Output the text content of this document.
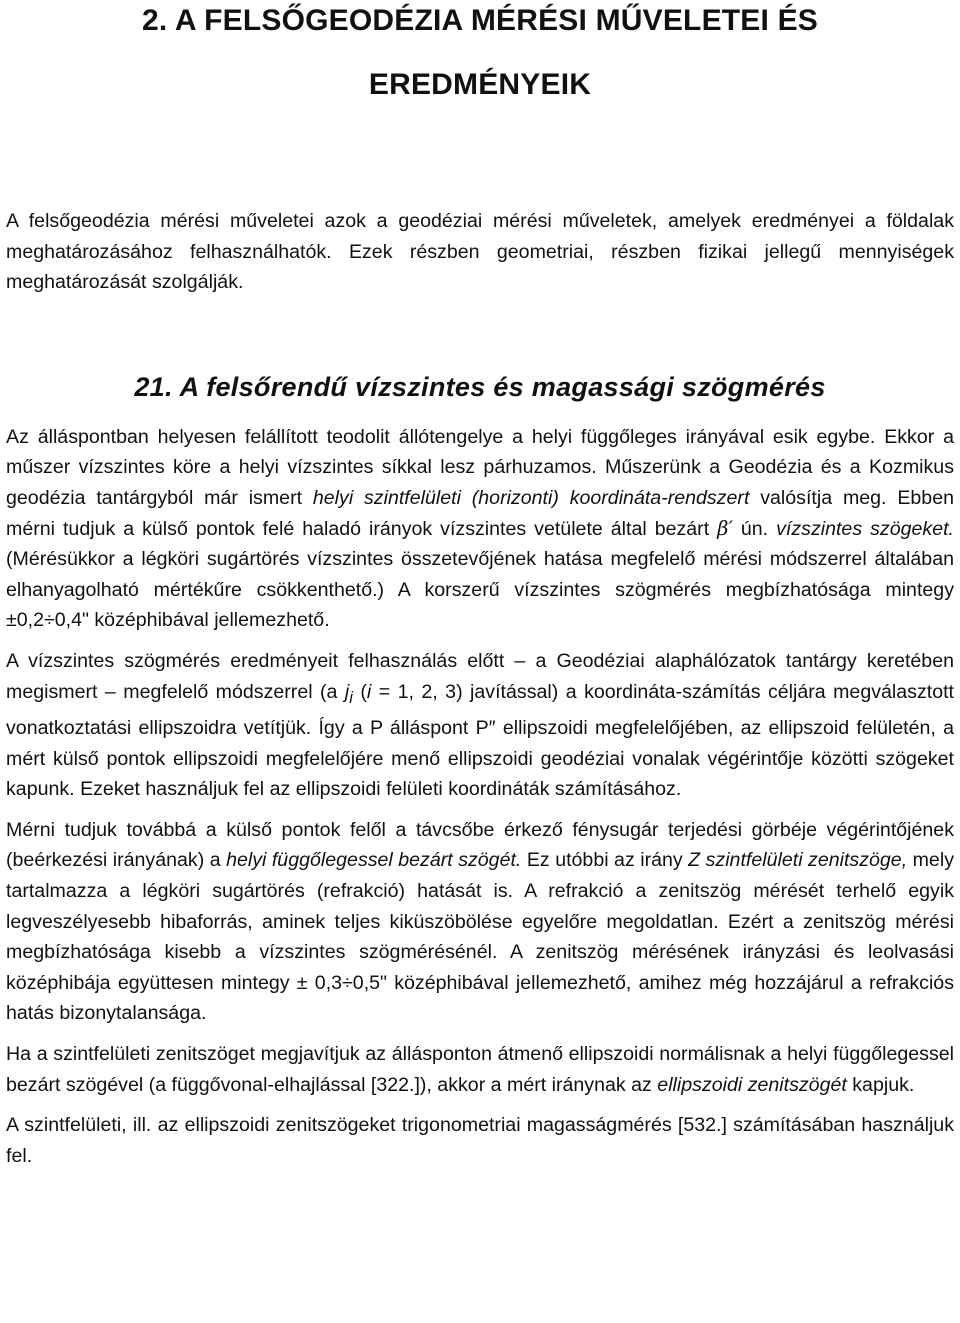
2. A FELSŐGEODÉZIA MÉRÉSI MŰVELETEI ÉS
EREDMÉNYEIK

A felsőgeodézia mérési műveletei azok a geodéziai mérési műveletek, amelyek eredményei a földalak meghatározásához felhasználhatók. Ezek részben geometriai, részben fizikai jellegű mennyiségek meghatározását szolgálják.

21. A felsőrendű vízszintes és magassági szögmérés

Az álláspontban helyesen felállított teodolit állótengelye a helyi függőleges irányával esik egybe. Ekkor a műszer vízszintes köre a helyi vízszintes síkkal lesz párhuzamos. Műszerünk a Geodézia és a Kozmikus geodézia tantárgyból már ismert helyi szintfelületi (horizonti) koordináta-rendszert valósítja meg. Ebben mérni tudjuk a külső pontok felé haladó irányok vízszintes vetülete által bezárt β′ ún. vízszintes szögeket. (Mérésükkor a légköri sugártörés vízszintes összetevőjének hatása megfelelő mérési módszerrel általában elhanyagolható mértékűre csökkenthető.) A korszerű vízszintes szögmérés megbízhatósága mintegy ±0,2÷0,4" középhibával jellemezhető.

A vízszintes szögmérés eredményeit felhasználás előtt – a Geodéziai alaphálózatok tantárgy keretében megismert – megfelelő módszerrel (a $j_i$ (i = 1, 2, 3) javítással) a koordináta-számítás céljára megválasztott vonatkoztatási ellipszoidra vetítjük. Így a P álláspont P″ ellipszoidi megfelelőjében, az ellipszoid felületén, a mért külső pontok ellipszoidi megfelelőjére menő ellipszoidi geodéziai vonalak végérintője közötti szögeket kapunk. Ezeket használjuk fel az ellipszoidi felületi koordináták számításához.

Mérni tudjuk továbbá a külső pontok felől a távcsőbe érkező fénysugár terjedési görbéje végérintőjének (beérkezési irányának) a helyi függőlegessel bezárt szögét. Ez utóbbi az irány Z szintfelületi zenitszöge, mely tartalmazza a légköri sugártörés (refrakció) hatását is. A refrakció a zenitszög mérését terhelő egyik legveszélyesebb hibaforrás, aminek teljes kiküszöbölése egyelőre megoldatlan. Ezért a zenitszög mérési megbízhatósága kisebb a vízszintes szögmérésénél. A zenitszög mérésének irányzási és leolvasási középhibája együttesen mintegy ± 0,3÷0,5" középhibával jellemezhető, amihez még hozzájárul a refrakciós hatás bizonytalansága.

Ha a szintfelületi zenitszöget megjavítjuk az állásponton átmenő ellipszoidi normálisnak a helyi függőlegessel bezárt szögével (a függővonal-elhajlással [322.]), akkor a mért iránynak az ellipszoidi zenitszögét kapjuk.

A szintfelületi, ill. az ellipszoidi zenitszögeket trigonometriai magasságmérés [532.] számításában használjuk fel.
